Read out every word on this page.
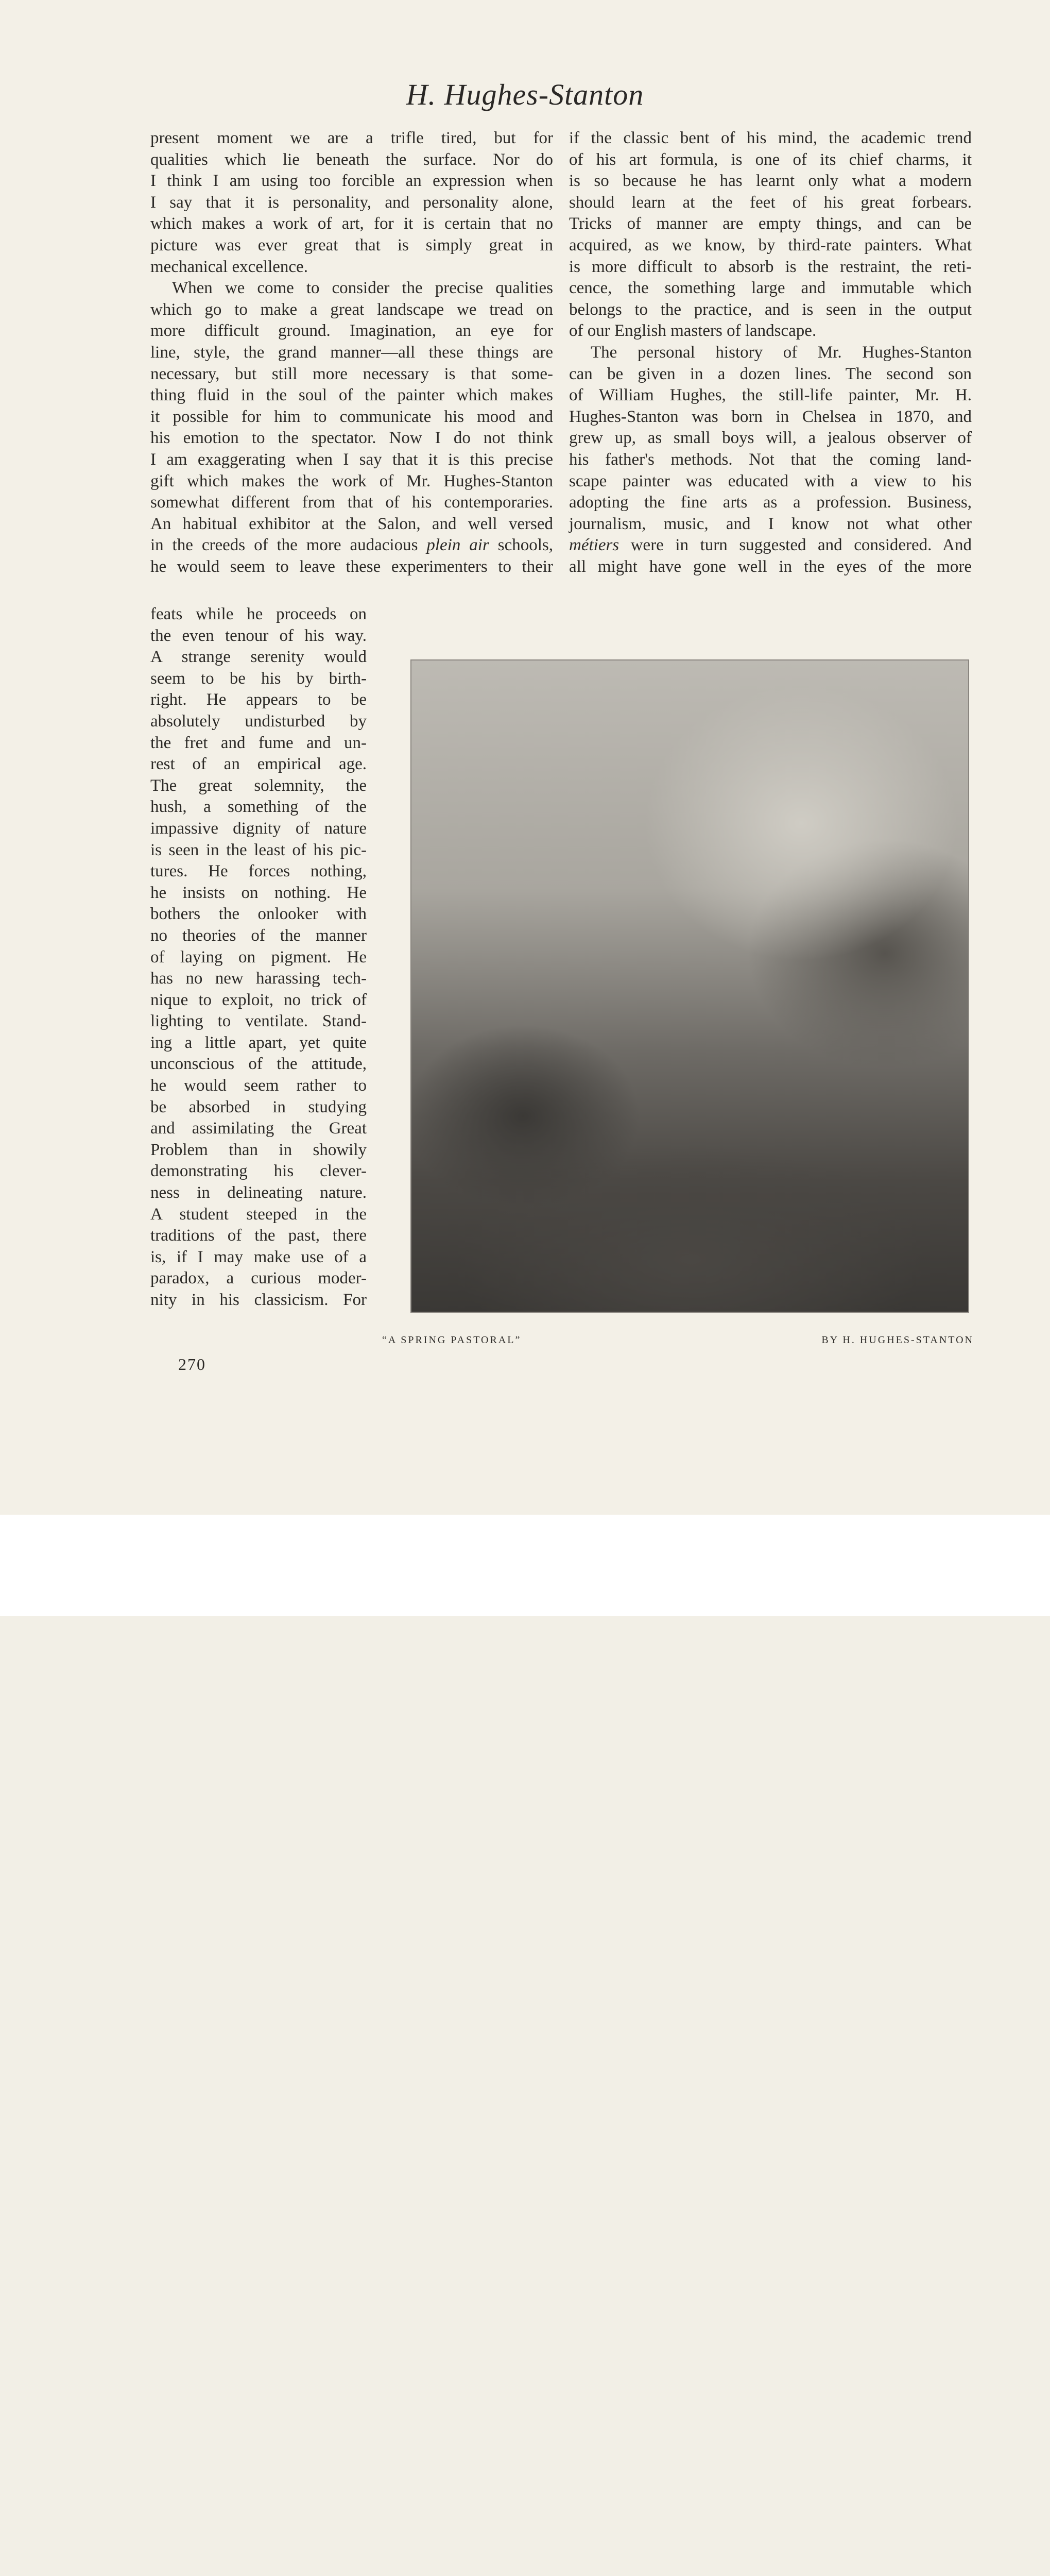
H. Hughes-Stanton
present moment we are a trifle tired, but for
qualities which lie beneath the surface. Nor do
I think I am using too forcible an expression when
I say that it is personality, and personality alone,
which makes a work of art, for it is certain that no
picture was ever great that is simply great in
mechanical excellence.
When we come to consider the precise qualities
which go to make a great landscape we tread on
more difficult ground. Imagination, an eye for
line, style, the grand manner—all these things are
necessary, but still more necessary is that some-
thing fluid in the soul of the painter which makes
it possible for him to communicate his mood and
his emotion to the spectator. Now I do not think
I am exaggerating when I say that it is this precise
gift which makes the work of Mr. Hughes-Stanton
somewhat different from that of his contemporaries.
An habitual exhibitor at the Salon, and well versed
in the creeds of the more audacious plein air schools,
he would seem to leave these experimenters to their
feats while he proceeds on
the even tenour of his way.
A strange serenity would
seem to be his by birth-
right. He appears to be
absolutely undisturbed by
the fret and fume and un-
rest of an empirical age.
The great solemnity, the
hush, a something of the
impassive dignity of nature
is seen in the least of his pic-
tures. He forces nothing,
he insists on nothing. He
bothers the onlooker with
no theories of the manner
of laying on pigment. He
has no new harassing tech-
nique to exploit, no trick of
lighting to ventilate. Stand-
ing a little apart, yet quite
unconscious of the attitude,
he would seem rather to
be absorbed in studying
and assimilating the Great
Problem than in showily
demonstrating his clever-
ness in delineating nature.
A student steeped in the
traditions of the past, there
is, if I may make use of a
paradox, a curious moder-
nity in his classicism. For
if the classic bent of his mind, the academic trend
of his art formula, is one of its chief charms, it
is so because he has learnt only what a modern
should learn at the feet of his great forbears.
Tricks of manner are empty things, and can be
acquired, as we know, by third-rate painters. What
is more difficult to absorb is the restraint, the reti-
cence, the something large and immutable which
belongs to the practice, and is seen in the output
of our English masters of landscape.
The personal history of Mr. Hughes-Stanton
can be given in a dozen lines. The second son
of William Hughes, the still-life painter, Mr. H.
Hughes-Stanton was born in Chelsea in 1870, and
grew up, as small boys will, a jealous observer of
his father's methods. Not that the coming land-
scape painter was educated with a view to his
adopting the fine arts as a profession. Business,
journalism, music, and I know not what other
métiers were in turn suggested and considered. And
all might have gone well in the eyes of the more
“A SPRING PASTORAL”	BY H. HUGHES-STANTON
270
